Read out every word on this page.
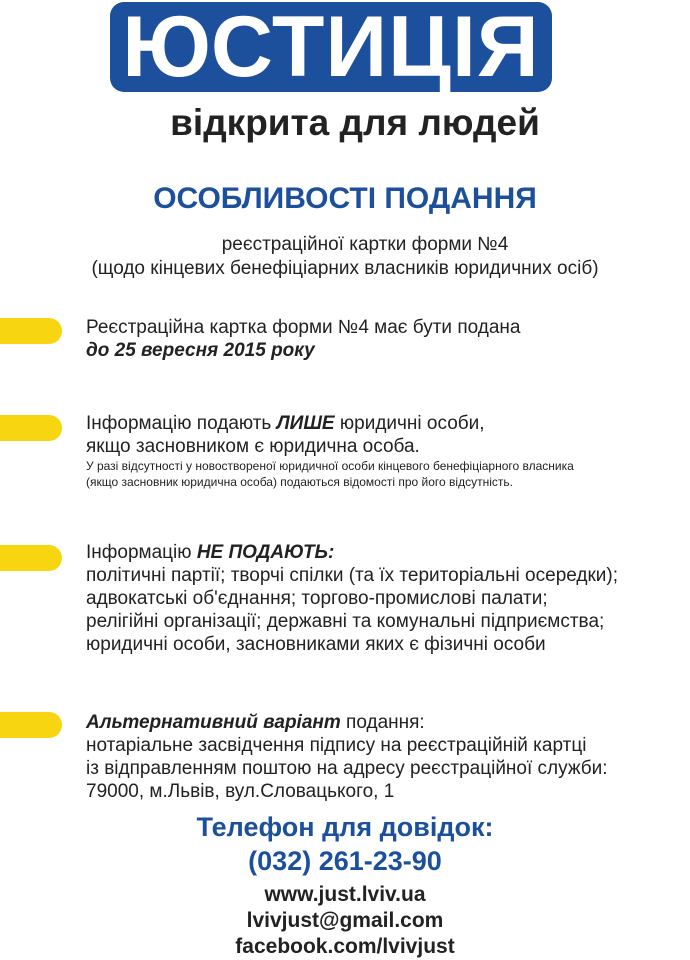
ЮСТИЦІЯ
відкрита для людей
ОСОБЛИВОСТІ ПОДАННЯ
реєстраційної картки форми №4
(щодо кінцевих бенефіціарних власників юридичних осіб)
Реєстраційна картка форми №4 має бути подана
до 25 вересня 2015 року
Інформацію подають ЛИШЕ юридичні особи,
якщо засновником є юридична особа.
У разі відсутності у новоствореної юридичної особи кінцевого бенефіціарного власника
(якщо засновник юридична особа) подаються відомості про його відсутність.
Інформацію НЕ ПОДАЮТЬ:
політичні партії; творчі спілки (та їх територіальні осередки);
адвокатські об'єднання; торгово-промислові палати;
релігійні організації; державні та комунальні підприємства;
юридичні особи, засновниками яких є фізичні особи
Альтернативний варіант подання:
нотаріальне засвідчення підпису на реєстраційній картці
із відправленням поштою на адресу реєстраційної служби:
79000, м.Львів, вул.Словацького, 1
Телефон для довідок:
(032) 261-23-90
www.just.lviv.ua
lvivjust@gmail.com
facebook.com/lvivjust
